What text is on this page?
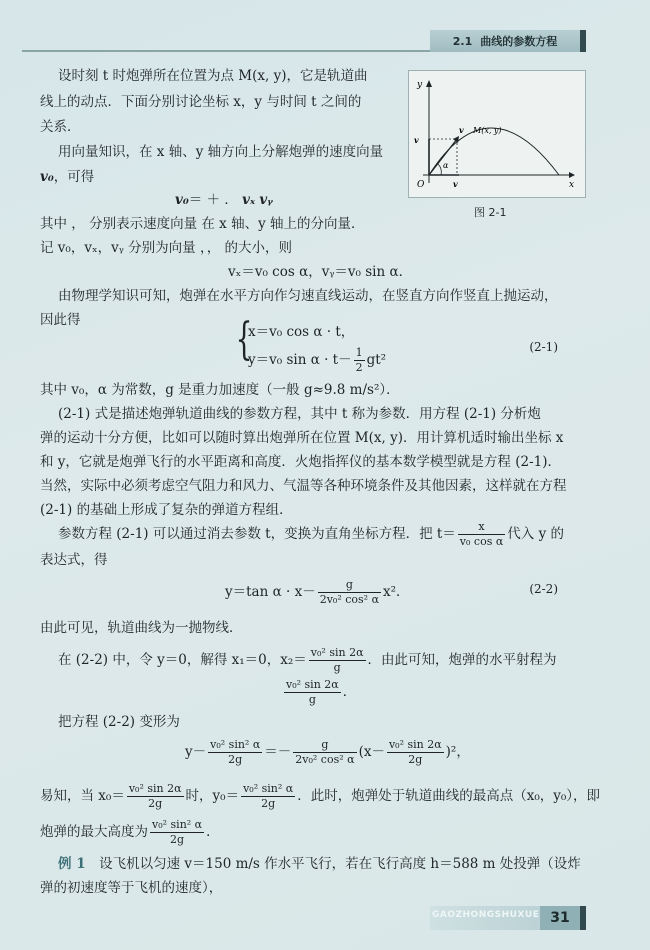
2.1 曲线的参数方程
设时刻 t 时炮弹所在位置为点 M(x, y)，它是轨道曲
线上的动点．下面分别讨论坐标 x，y 与时间 t 之间的
关系．
用向量知识，在 x 轴、y 轴方向上分解炮弹的速度向量
v₀，可得
v₀＝ ＋ ． vₓ vᵧ
其中 ， 分别表示速度向量 在 x 轴、y 轴上的分向量．
记 v₀，vₓ，vᵧ 分别为向量 ，， 的大小，则
vₓ＝v₀ cos α，vᵧ＝v₀ sin α．
由物理学知识可知，炮弹在水平方向作匀速直线运动，在竖直方向作竖直上抛运动，
因此得	{
x＝v₀ cos α · t，
y＝v₀ $\sin \alpha \cdot t- \frac{1}{2} gt^2$
(2-1)
其中 v₀，α 为常数，g 是重力加速度（一般 g≈9.8 m/s²）．
(2-1) 式是描述炮弹轨道曲线的参数方程，其中 t 称为参数．用方程 (2-1) 分析炮
弹的运动十分方便，比如可以随时算出炮弹所在位置 M(x, y)．用计算机适时输出坐标 x
和 y，它就是炮弹飞行的水平距离和高度．火炮指挥仪的基本数学模型就是方程 (2-1)．
当然，实际中必须考虑空气阻力和风力、气温等各种环境条件及其他因素，这样就在方程
(2-1) 的基础上形成了复杂的弹道方程组．
参数方程 (2-1) 可以通过消去参数 t，变换为直角坐标方程．把 $t= \frac{x}{\text{v₀ cos α}}$ 代入 y 的
表达式，得
y＝tan $\alpha \cdot x- \frac{g}{\text{2v₀² cos² α}} x^2$．	(2-2)
由此可见，轨道曲线为一抛物线．
在 (2-2) 中，令 y＝0，解得 x₁＝0，$x_2= \frac{\text{v₀² sin 2α}}{g}$ ．由此可知，炮弹的水平射程为
$\frac{\text{v₀² sin 2α}}{g}$ ．
把方程 (2-2) 变形为
$y- \frac{\text{v₀² sin² α}}{2g} =- \frac{g}{\text{2v₀² cos² α}} (x- \frac{\text{v₀² sin 2α}}{2g} )^2$，
易知，当 $x_0= \frac{\text{v₀² sin 2α}}{2g}$ 时，$y_0= \frac{\text{v₀² sin² α}}{2g}$ ．此时，炮弹处于轨道曲线的最高点（x₀，y₀），即
炮弹的最大高度为 $\frac{\text{v₀² sin² α}}{2g}$ ．
例 1　 设飞机以匀速 v＝150 m/s 作水平飞行，若在飞行高度 h＝588 m 处投弹（设炸
弹的初速度等于飞机的速度），
y
x
O
v
v
v
α
M(x, y)
图 2-1
GAOZHONGSHUXUE 31
